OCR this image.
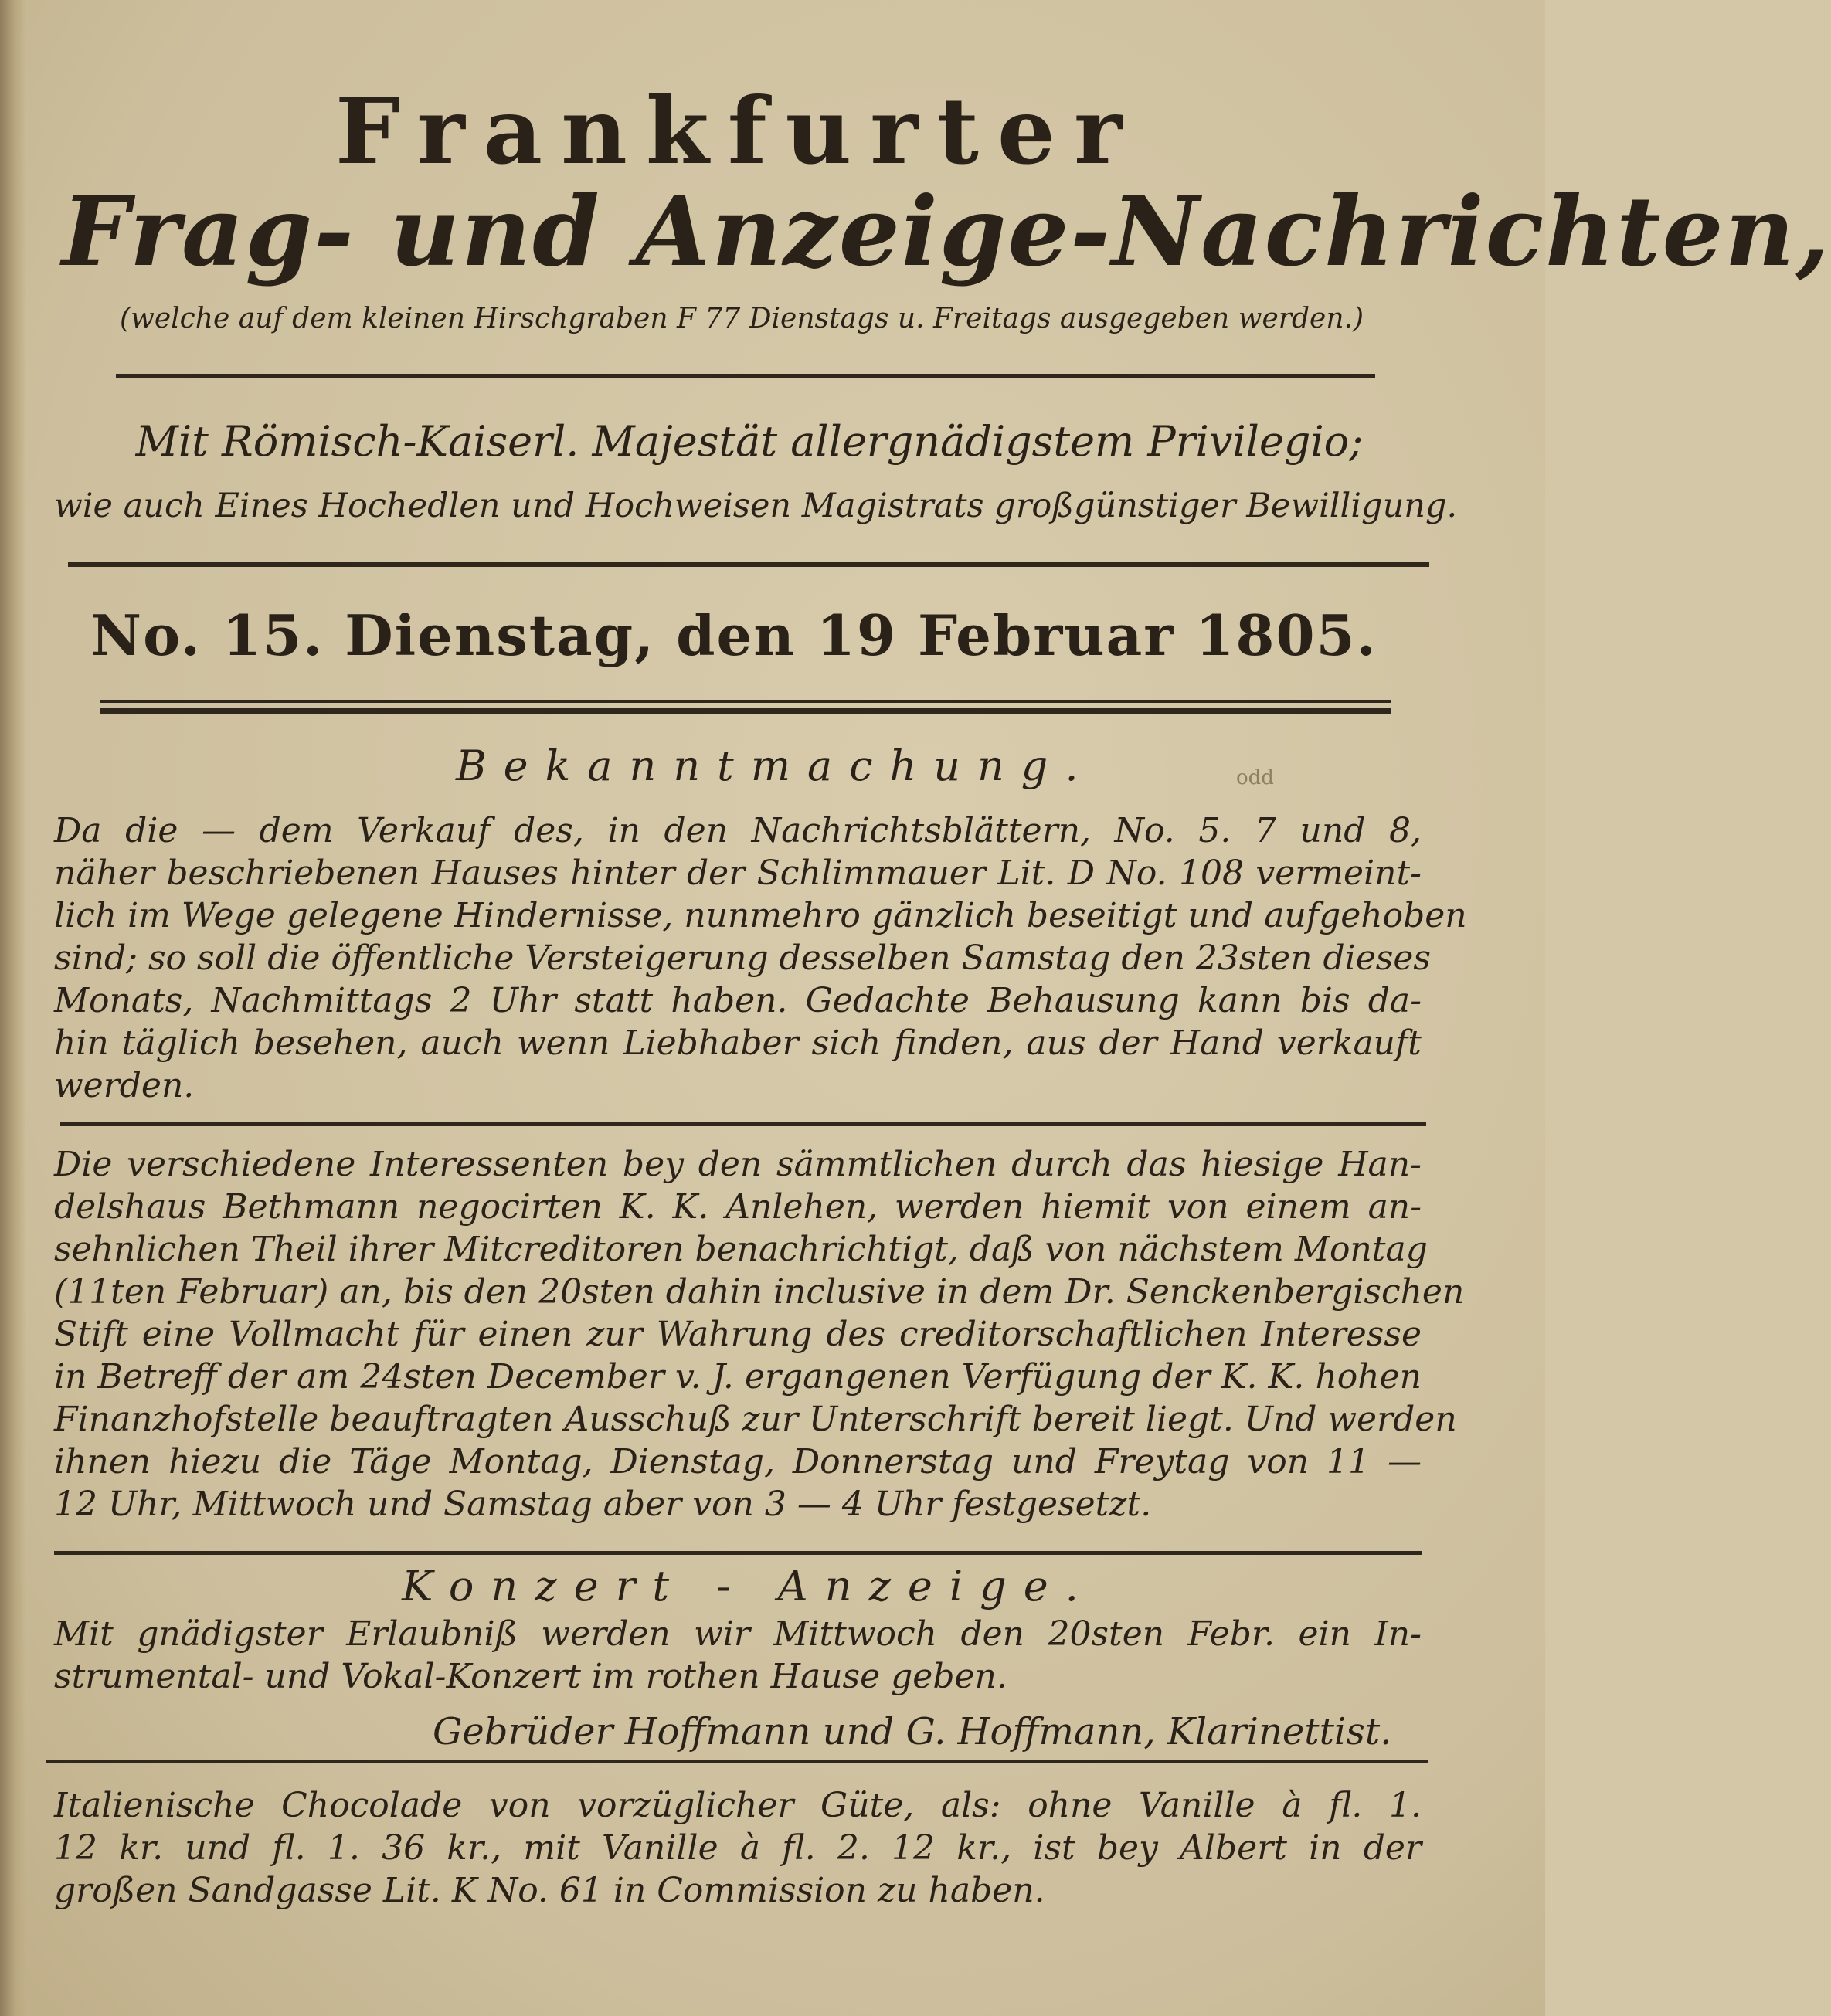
Frankfurter
Frag- und Anzeige-Nachrichten,
(welche auf dem kleinen Hirschgraben F 77 Dienstags u. Freitags ausgegeben werden.)
Mit Römisch-Kaiserl. Majestät allergnädigstem Privilegio;
wie auch Eines Hochedlen und Hochweisen Magistrats großgünstiger Bewilligung.
No. 15. Dienstag, den 19 Februar 1805.
Bekanntmachung.	odd
Da die — dem Verkauf des, in den Nachrichtsblättern, No. 5. 7 und 8,
näher beschriebenen Hauses hinter der Schlimmauer Lit. D No. 108 vermeint-
lich im Wege gelegene Hindernisse, nunmehro gänzlich beseitigt und aufgehoben
sind; so soll die öffentliche Versteigerung desselben Samstag den 23sten dieses
Monats, Nachmittags 2 Uhr statt haben. Gedachte Behausung kann bis da-
hin täglich besehen, auch wenn Liebhaber sich finden, aus der Hand verkauft
werden.
Die verschiedene Interessenten bey den sämmtlichen durch das hiesige Han-
delshaus Bethmann negocirten K. K. Anlehen, werden hiemit von einem an-
sehnlichen Theil ihrer Mitcreditoren benachrichtigt, daß von nächstem Montag
(11ten Februar) an, bis den 20sten dahin inclusive in dem Dr. Senckenbergischen
Stift eine Vollmacht für einen zur Wahrung des creditorschaftlichen Interesse
in Betreff der am 24sten December v. J. ergangenen Verfügung der K. K. hohen
Finanzhofstelle beauftragten Ausschuß zur Unterschrift bereit liegt. Und werden
ihnen hiezu die Täge Montag, Dienstag, Donnerstag und Freytag von 11 —
12 Uhr, Mittwoch und Samstag aber von 3 — 4 Uhr festgesetzt.
Konzert - Anzeige.
Mit gnädigster Erlaubniß werden wir Mittwoch den 20sten Febr. ein In-
strumental- und Vokal-Konzert im rothen Hause geben.
Gebrüder Hoffmann und G. Hoffmann, Klarinettist.
Italienische Chocolade von vorzüglicher Güte, als: ohne Vanille à fl. 1.
12 kr. und fl. 1. 36 kr., mit Vanille à fl. 2. 12 kr., ist bey Albert in der
großen Sandgasse Lit. K No. 61 in Commission zu haben.
